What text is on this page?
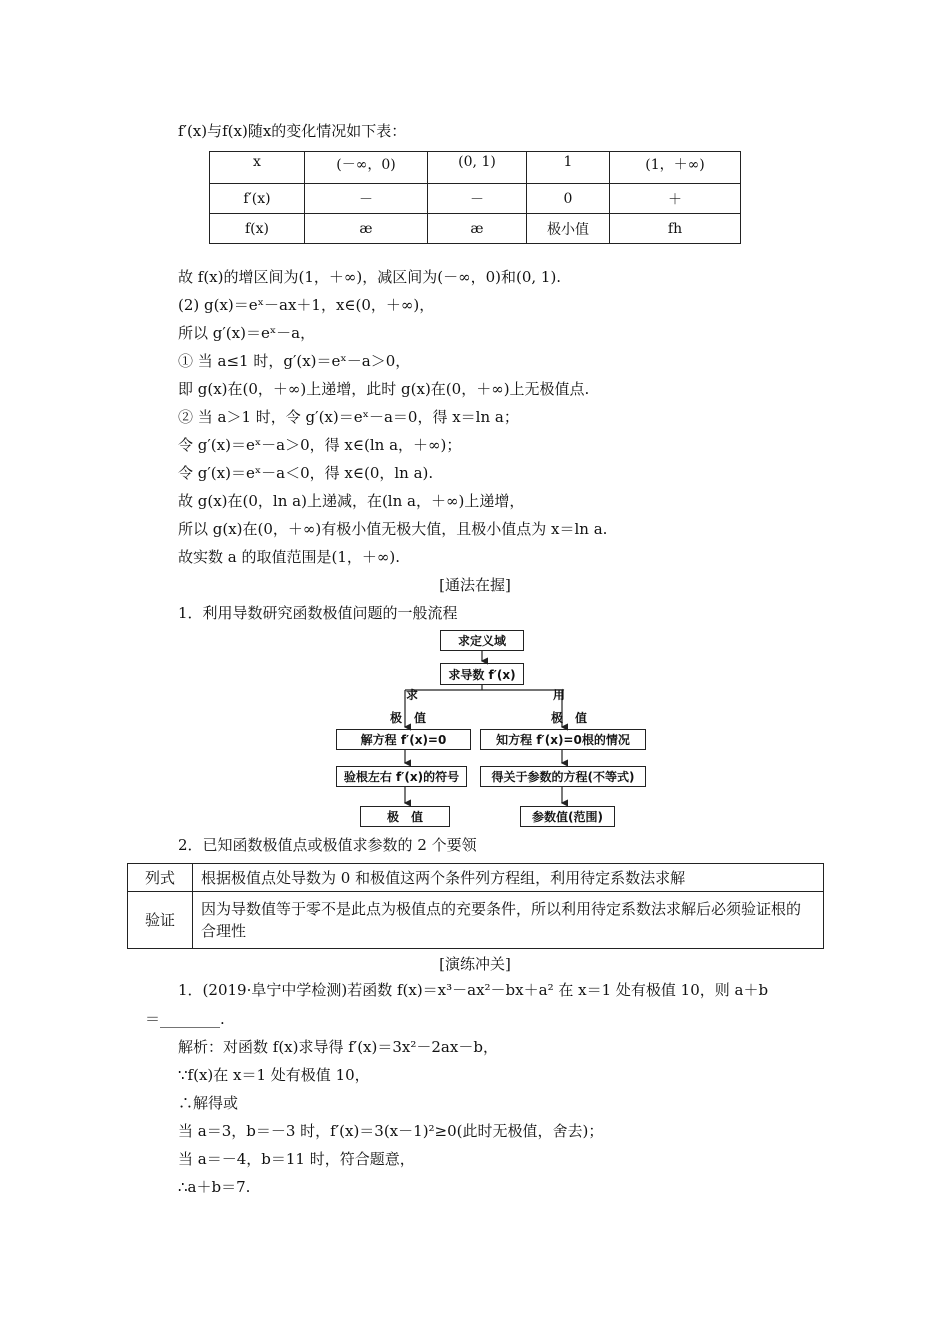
f′(x)与f(x)随x的变化情况如下表：
x	(－∞，0)	(0, 1)	1	(1，＋∞)
f′(x)	－	－	0	＋
f(x)	æ	æ	极小值	fh
故 f(x)的增区间为(1，＋∞)，减区间为(－∞，0)和(0, 1).
(2) g(x)＝eˣ－ax＋1，x∈(0，＋∞)，
所以 g′(x)＝eˣ－a，
① 当 a≤1 时，g′(x)＝eˣ－a＞0，
即 g(x)在(0，＋∞)上递增，此时 g(x)在(0，＋∞)上无极值点.
② 当 a＞1 时，令 g′(x)＝eˣ－a＝0，得 x＝ln a；
令 g′(x)＝eˣ－a＞0，得 x∈(ln a，＋∞)；
令 g′(x)＝eˣ－a＜0，得 x∈(0，ln a).
故 g(x)在(0，ln a)上递减，在(ln a，＋∞)上递增，
所以 g(x)在(0，＋∞)有极小值无极大值，且极小值点为 x＝ln a.
故实数 a 的取值范围是(1，＋∞).
[通法在握]
1．利用导数研究函数极值问题的一般流程
求定义域
求导数 f′(x)
求	用
极　值	极　值
解方程 f′(x)=0	知方程 f′(x)=0根的情况
验根左右 f′(x)的符号	得关于参数的方程(不等式)
极　值	参数值(范围)
2．已知函数极值点或极值求参数的 2 个要领
列式	根据极值点处导数为 0 和极值这两个条件列方程组，利用待定系数法求解
验证	因为导数值等于零不是此点为极值点的充要条件，所以利用待定系数法求解后必须验证根的合理性
[演练冲关]
1．(2019·阜宁中学检测)若函数 f(x)＝x³－ax²－bx＋a² 在 x＝1 处有极值 10，则 a＋b
＝________.
解析：对函数 f(x)求导得 f′(x)＝3x²－2ax－b，
∵f(x)在 x＝1 处有极值 10，
∴解得或
当 a＝3，b＝－3 时，f′(x)＝3(x－1)²≥0(此时无极值，舍去)；
当 a＝－4，b＝11 时，符合题意，
∴a＋b＝7.
